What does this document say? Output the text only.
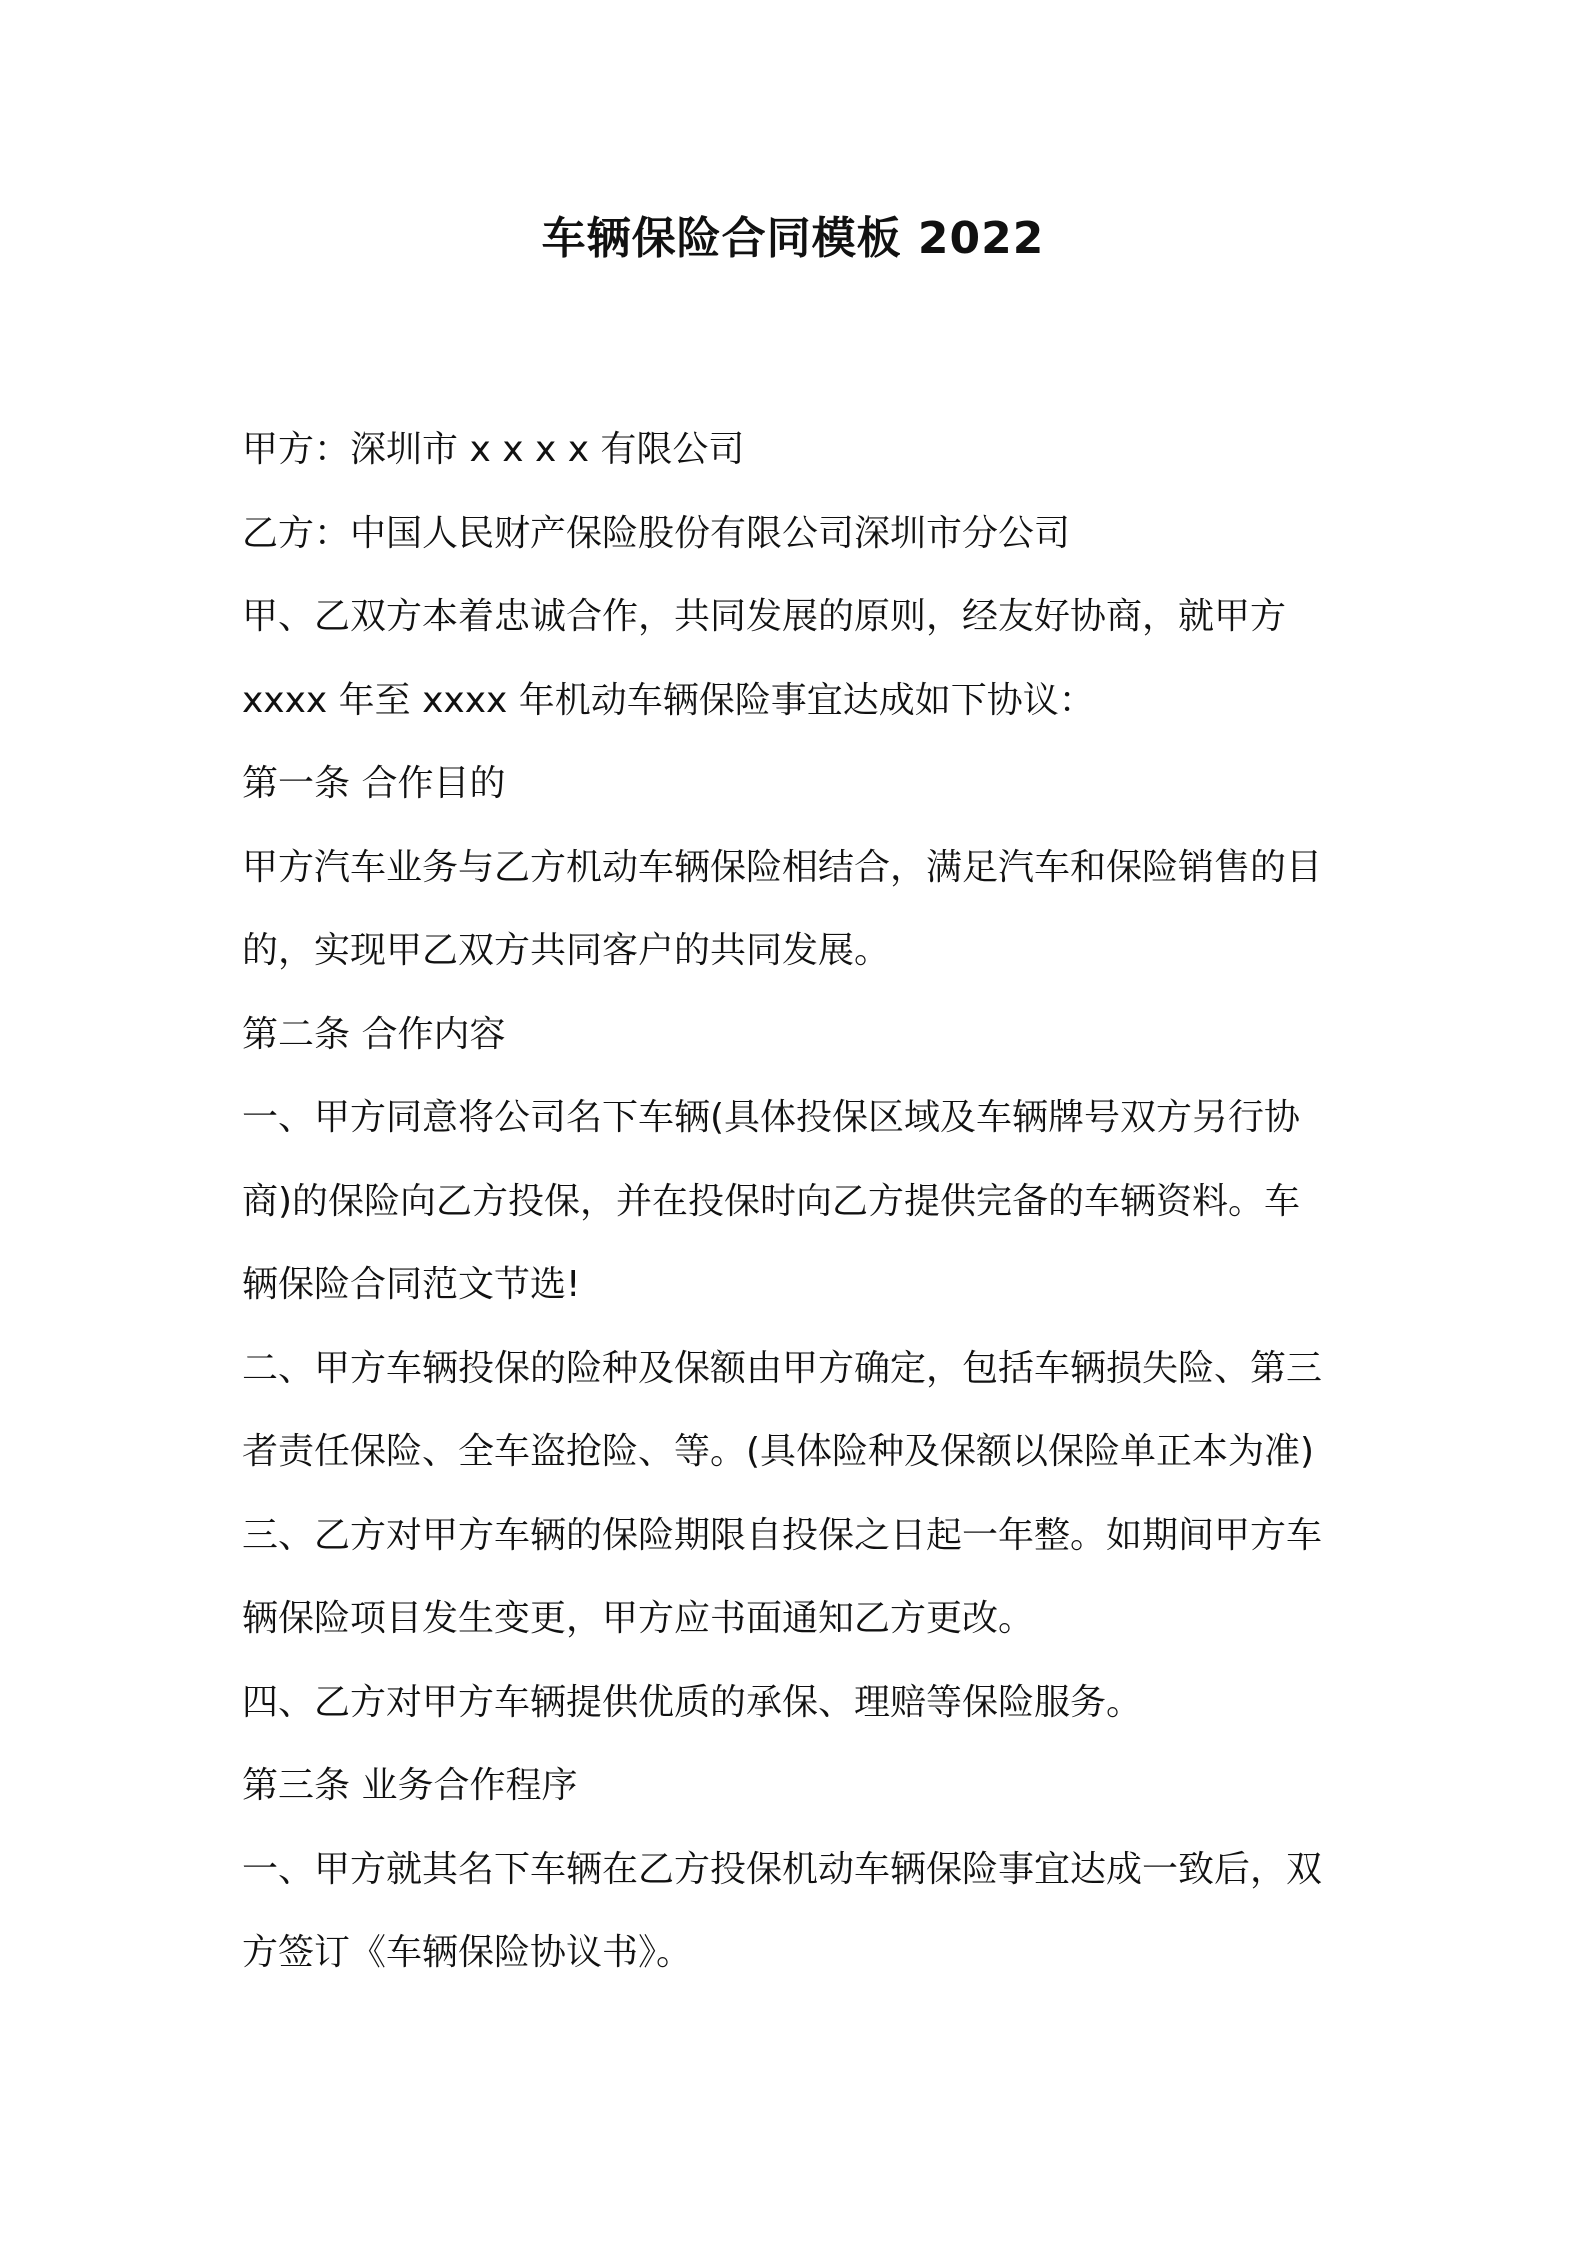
车辆保险合同模板 2022

甲方：深圳市 x x x x 有限公司

乙方：中国人民财产保险股份有限公司深圳市分公司

甲、乙双方本着忠诚合作，共同发展的原则，经友好协商，就甲方

xxxx 年至 xxxx 年机动车辆保险事宜达成如下协议：

第一条 合作目的

甲方汽车业务与乙方机动车辆保险相结合，满足汽车和保险销售的目

的，实现甲乙双方共同客户的共同发展。

第二条 合作内容

一、甲方同意将公司名下车辆(具体投保区域及车辆牌号双方另行协

商)的保险向乙方投保，并在投保时向乙方提供完备的车辆资料。车

辆保险合同范文节选!

二、甲方车辆投保的险种及保额由甲方确定，包括车辆损失险、第三

者责任保险、全车盗抢险、等。(具体险种及保额以保险单正本为准)

三、乙方对甲方车辆的保险期限自投保之日起一年整。如期间甲方车

辆保险项目发生变更，甲方应书面通知乙方更改。

四、乙方对甲方车辆提供优质的承保、理赔等保险服务。

第三条 业务合作程序

一、甲方就其名下车辆在乙方投保机动车辆保险事宜达成一致后，双

方签订《车辆保险协议书》。
